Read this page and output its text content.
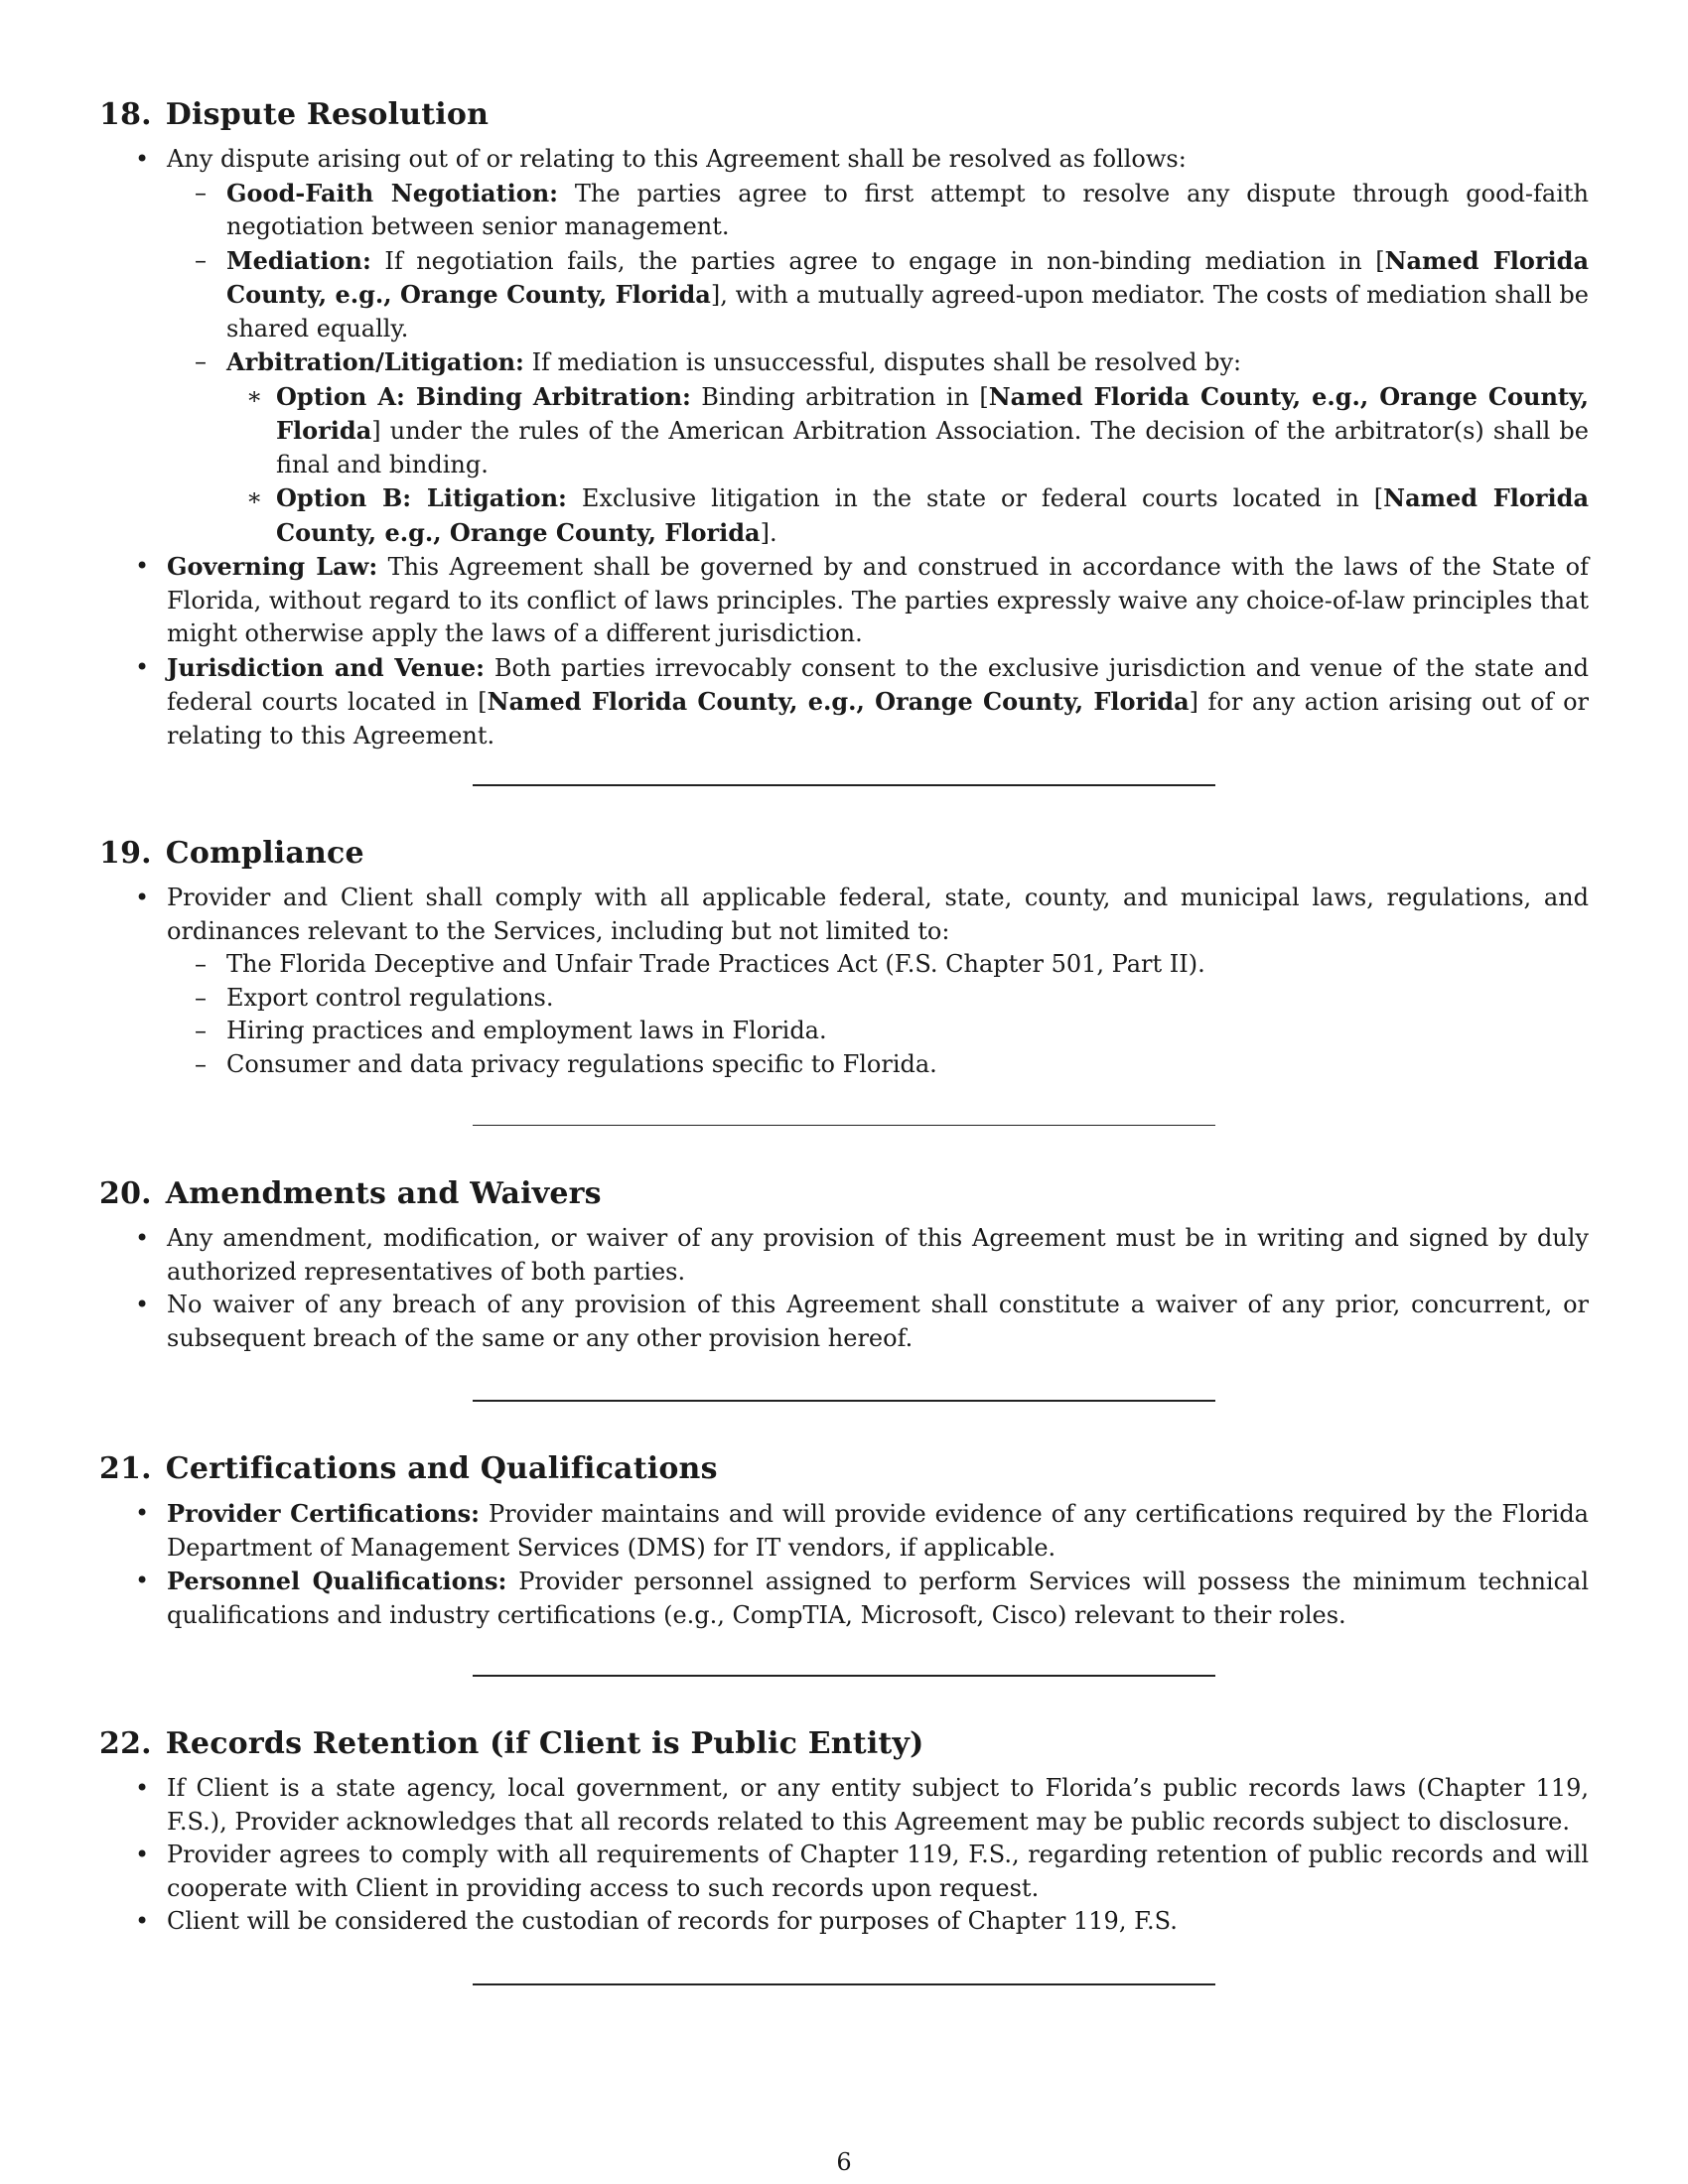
18. Dispute Resolution
• Any dispute arising out of or relating to this Agreement shall be resolved as follows:
– Good-Faith Negotiation: The parties agree to first attempt to resolve any dispute through good-faith negotiation between senior management.
– Mediation: If negotiation fails, the parties agree to engage in non-binding mediation in [Named Florida County, e.g., Orange County, Florida], with a mutually agreed-upon mediator. The costs of mediation shall be shared equally.
– Arbitration/Litigation: If mediation is unsuccessful, disputes shall be resolved by:
∗ Option A: Binding Arbitration: Binding arbitration in [Named Florida County, e.g., Orange County, Florida] under the rules of the American Arbitration Association. The decision of the arbitrator(s) shall be final and binding.
∗ Option B: Litigation: Exclusive litigation in the state or federal courts located in [Named Florida County, e.g., Orange County, Florida].
• Governing Law: This Agreement shall be governed by and construed in accordance with the laws of the State of Florida, without regard to its conflict of laws principles. The parties expressly waive any choice-of-law principles that might otherwise apply the laws of a different jurisdiction.
• Jurisdiction and Venue: Both parties irrevocably consent to the exclusive jurisdiction and venue of the state and federal courts located in [Named Florida County, e.g., Orange County, Florida] for any action arising out of or relating to this Agreement.
19. Compliance
• Provider and Client shall comply with all applicable federal, state, county, and municipal laws, regulations, and ordinances relevant to the Services, including but not limited to:
– The Florida Deceptive and Unfair Trade Practices Act (F.S. Chapter 501, Part II).
– Export control regulations.
– Hiring practices and employment laws in Florida.
– Consumer and data privacy regulations specific to Florida.
20. Amendments and Waivers
• Any amendment, modification, or waiver of any provision of this Agreement must be in writing and signed by duly authorized representatives of both parties.
• No waiver of any breach of any provision of this Agreement shall constitute a waiver of any prior, concurrent, or subsequent breach of the same or any other provision hereof.
21. Certifications and Qualifications
• Provider Certifications: Provider maintains and will provide evidence of any certifications required by the Florida Department of Management Services (DMS) for IT vendors, if applicable.
• Personnel Qualifications: Provider personnel assigned to perform Services will possess the minimum technical qualifications and industry certifications (e.g., CompTIA, Microsoft, Cisco) relevant to their roles.
22. Records Retention (if Client is Public Entity)
• If Client is a state agency, local government, or any entity subject to Florida’s public records laws (Chapter 119, F.S.), Provider acknowledges that all records related to this Agreement may be public records subject to disclosure.
• Provider agrees to comply with all requirements of Chapter 119, F.S., regarding retention of public records and will cooperate with Client in providing access to such records upon request.
• Client will be considered the custodian of records for purposes of Chapter 119, F.S.
6
